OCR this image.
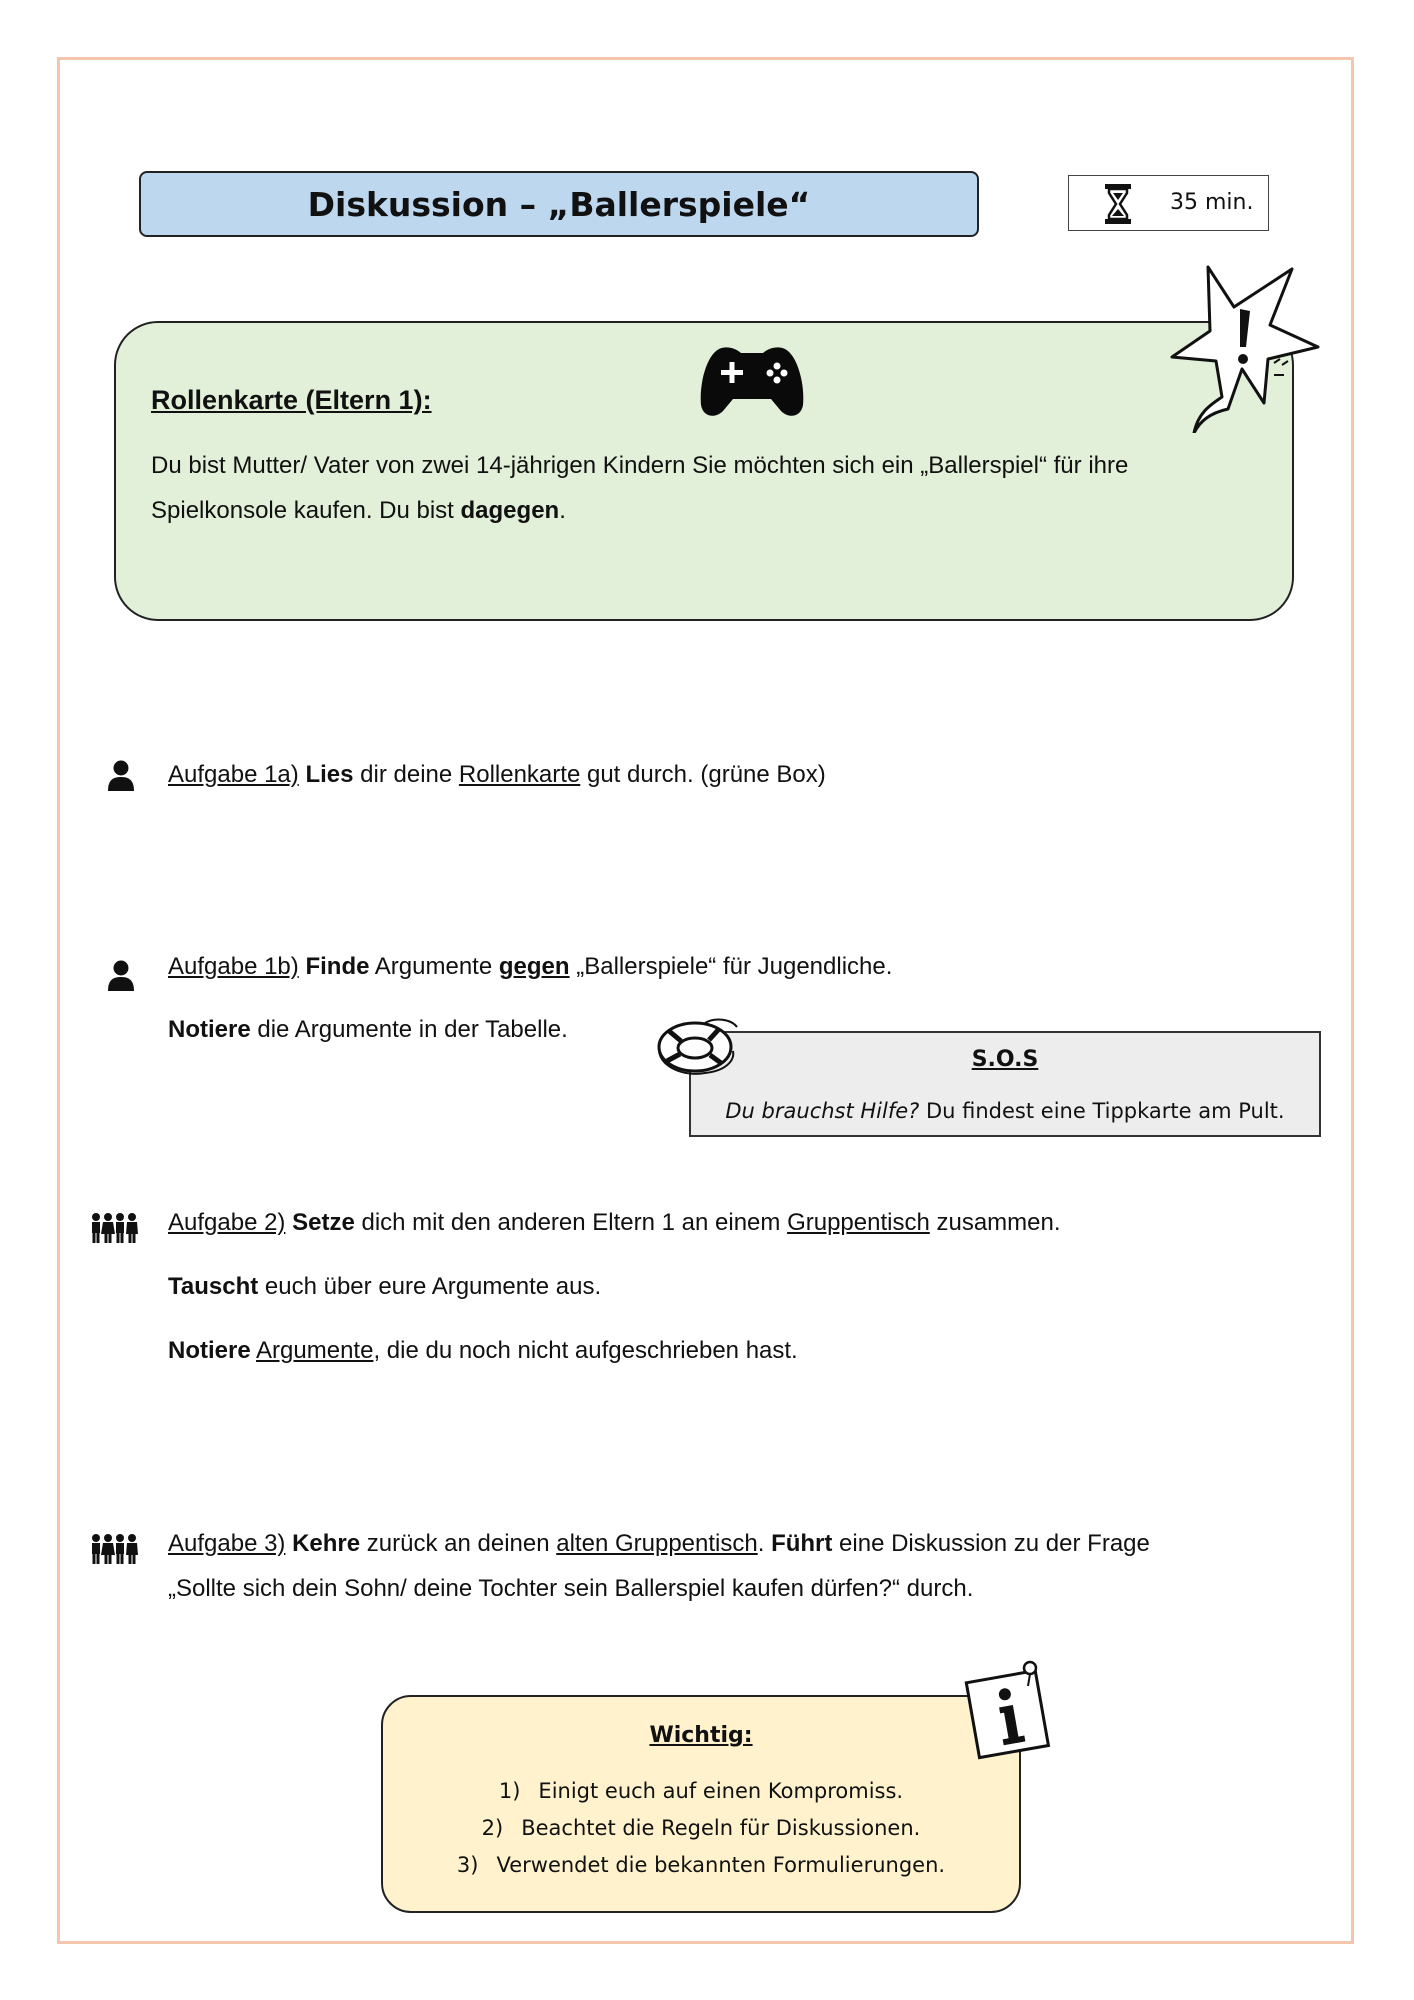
Diskussion – „Ballerspiele“	35 min.
Rollenkarte (Eltern 1):
Du bist Mutter/ Vater von zwei 14-jährigen Kindern Sie möchten sich ein „Ballerspiel“ für ihre Spielkonsole kaufen. Du bist dagegen.
Aufgabe 1a) Lies dir deine Rollenkarte gut durch. (grüne Box)
Aufgabe 1b) Finde Argumente gegen „Ballerspiele“ für Jugendliche.
Notiere die Argumente in der Tabelle.
S.O.S
Du brauchst Hilfe? Du findest eine Tippkarte am Pult.
Aufgabe 2) Setze dich mit den anderen Eltern 1 an einem Gruppentisch zusammen.
Tauscht euch über eure Argumente aus.
Notiere Argumente, die du noch nicht aufgeschrieben hast.
Aufgabe 3) Kehre zurück an deinen alten Gruppentisch. Führt eine Diskussion zu der Frage
„Sollte sich dein Sohn/ deine Tochter sein Ballerspiel kaufen dürfen?“ durch.
Wichtig:
1) Einigt euch auf einen Kompromiss.
2) Beachtet die Regeln für Diskussionen.
3) Verwendet die bekannten Formulierungen.
